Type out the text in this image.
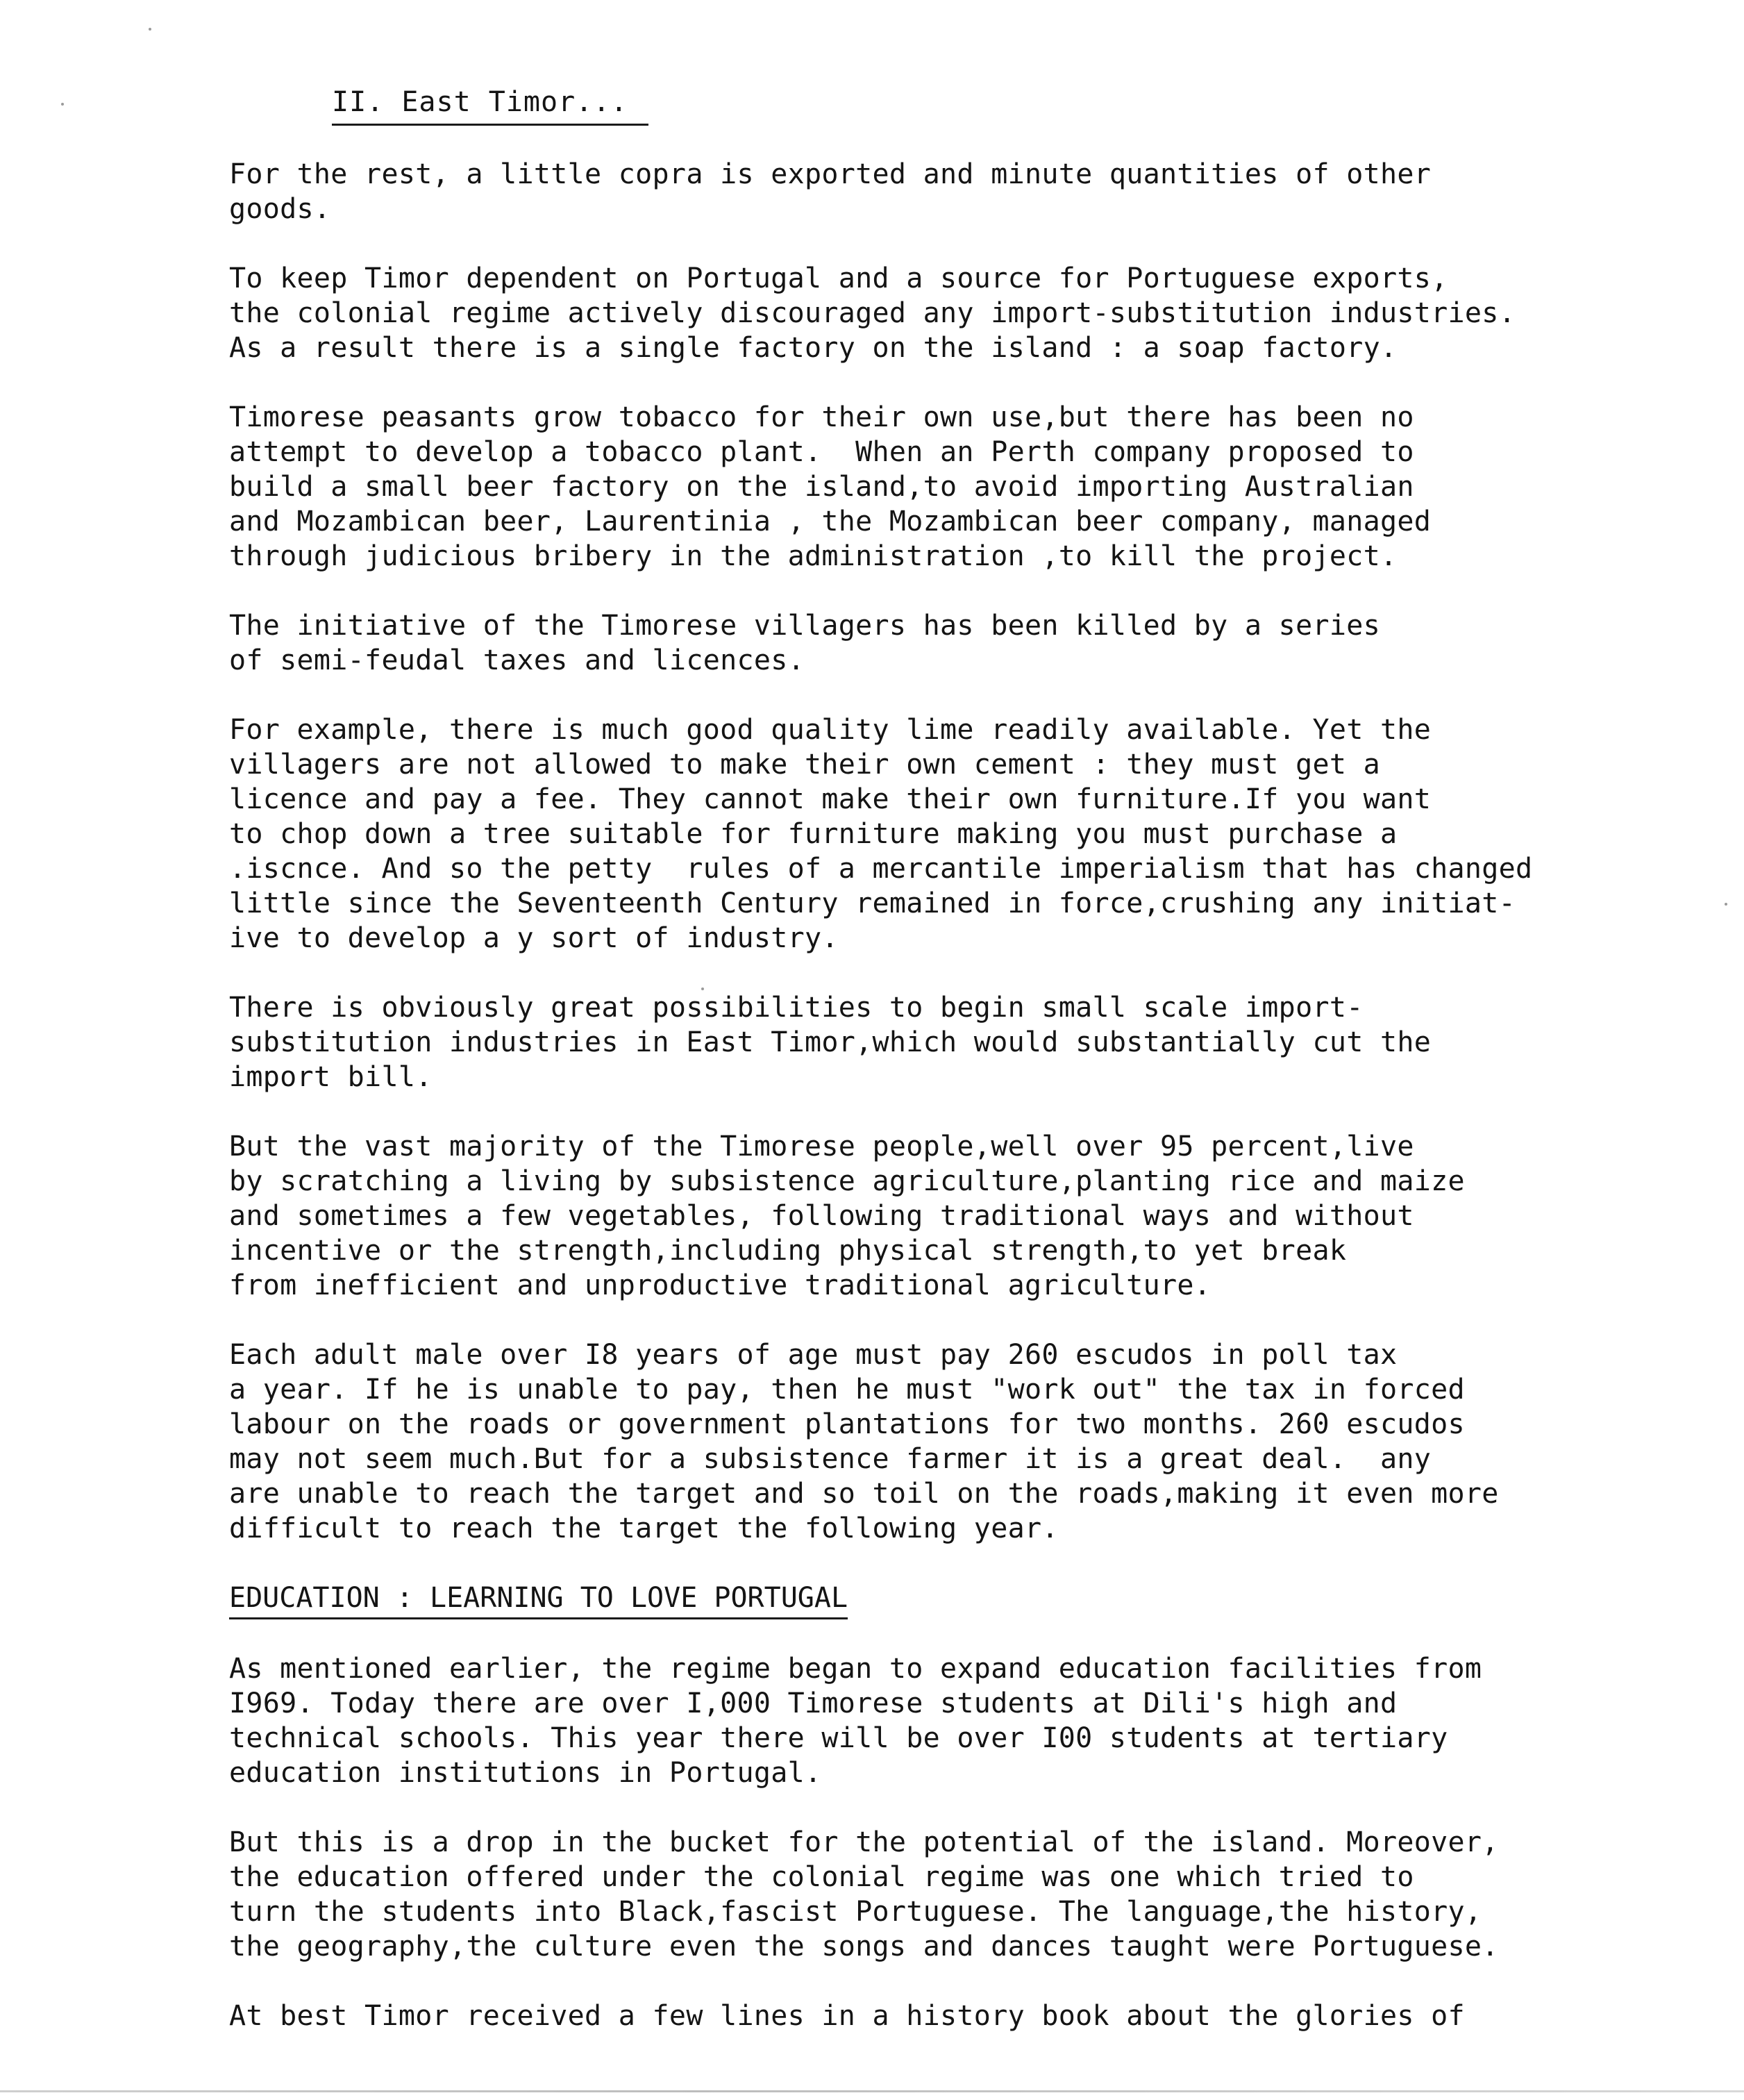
II. East Timor...
For the rest, a little copra is exported and minute quantities of other
goods.
To keep Timor dependent on Portugal and a source for Portuguese exports,
the colonial regime actively discouraged any import-substitution industries.
As a result there is a single factory on the island : a soap factory.
Timorese peasants grow tobacco for their own use,but there has been no
attempt to develop a tobacco plant.  When an Perth company proposed to
build a small beer factory on the island,to avoid importing Australian
and Mozambican beer, Laurentinia , the Mozambican beer company, managed
through judicious bribery in the administration ,to kill the project.
The initiative of the Timorese villagers has been killed by a series
of semi-feudal taxes and licences.
For example, there is much good quality lime readily available. Yet the
villagers are not allowed to make their own cement : they must get a
licence and pay a fee. They cannot make their own furniture.If you want
to chop down a tree suitable for furniture making you must purchase a
.iscnce. And so the petty  rules of a mercantile imperialism that has changed
little since the Seventeenth Century remained in force,crushing any initiat-
ive to develop a y sort of industry.
There is obviously great possibilities to begin small scale import-
substitution industries in East Timor,which would substantially cut the
import bill.
But the vast majority of the Timorese people,well over 95 percent,live
by scratching a living by subsistence agriculture,planting rice and maize
and sometimes a few vegetables, following traditional ways and without
incentive or the strength,including physical strength,to yet break
from inefficient and unproductive traditional agriculture.
Each adult male over I8 years of age must pay 260 escudos in poll tax
a year. If he is unable to pay, then he must "work out" the tax in forced
labour on the roads or government plantations for two months. 260 escudos
may not seem much.But for a subsistence farmer it is a great deal.  any
are unable to reach the target and so toil on the roads,making it even more
difficult to reach the target the following year.
EDUCATION : LEARNING TO LOVE PORTUGAL
As mentioned earlier, the regime began to expand education facilities from
I969. Today there are over I,000 Timorese students at Dili's high and
technical schools. This year there will be over I00 students at tertiary
education institutions in Portugal.
But this is a drop in the bucket for the potential of the island. Moreover,
the education offered under the colonial regime was one which tried to
turn the students into Black,fascist Portuguese. The language,the history,
the geography,the culture even the songs and dances taught were Portuguese.
At best Timor received a few lines in a history book about the glories of
